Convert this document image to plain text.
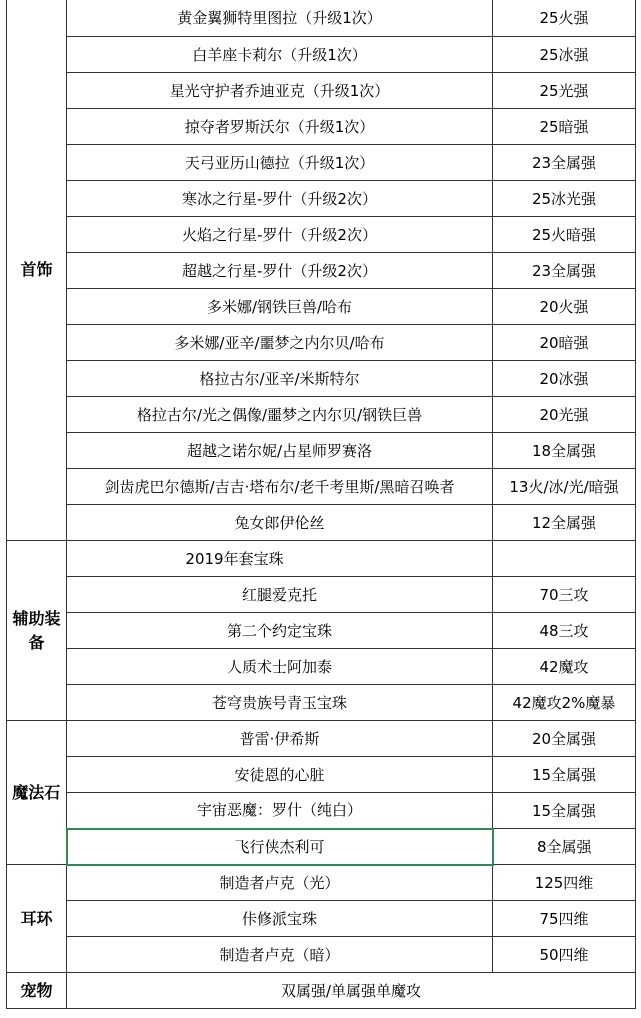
首饰	黄金翼狮特里图拉（升级1次）	25火强
	白羊座卡莉尔（升级1次）	25冰强
	星光守护者乔迪亚克（升级1次）	25光强
	掠夺者罗斯沃尔（升级1次）	25暗强
	天弓亚历山德拉（升级1次）	23全属强
	寒冰之行星-罗什（升级2次）	25冰光强
	火焰之行星-罗什（升级2次）	25火暗强
	超越之行星-罗什（升级2次）	23全属强
	多米娜/钢铁巨兽/哈布	20火强
	多米娜/亚辛/噩梦之内尔贝/哈布	20暗强
	格拉古尔/亚辛/米斯特尔	20冰强
	格拉古尔/光之偶像/噩梦之内尔贝/钢铁巨兽	20光强
	超越之诺尔妮/占星师罗赛洛	18全属强
	剑齿虎巴尔德斯/吉吉·塔布尔/老千考里斯/黑暗召唤者	13火/冰/光/暗强
	兔女郎伊伦丝	12全属强
辅助装备	2019年套宝珠	
	红腿爱克托	70三攻
	第二个约定宝珠	48三攻
	人质术士阿加泰	42魔攻
	苍穹贵族号青玉宝珠	42魔攻2%魔暴
魔法石	普雷·伊希斯	20全属强
	安徒恩的心脏	15全属强
	宇宙恶魔：罗什（纯白）	15全属强
	飞行侠杰利可	8全属强
耳环	制造者卢克（光）	125四维
	佧修派宝珠	75四维
	制造者卢克（暗）	50四维
宠物	双属强/单属强单魔攻	
